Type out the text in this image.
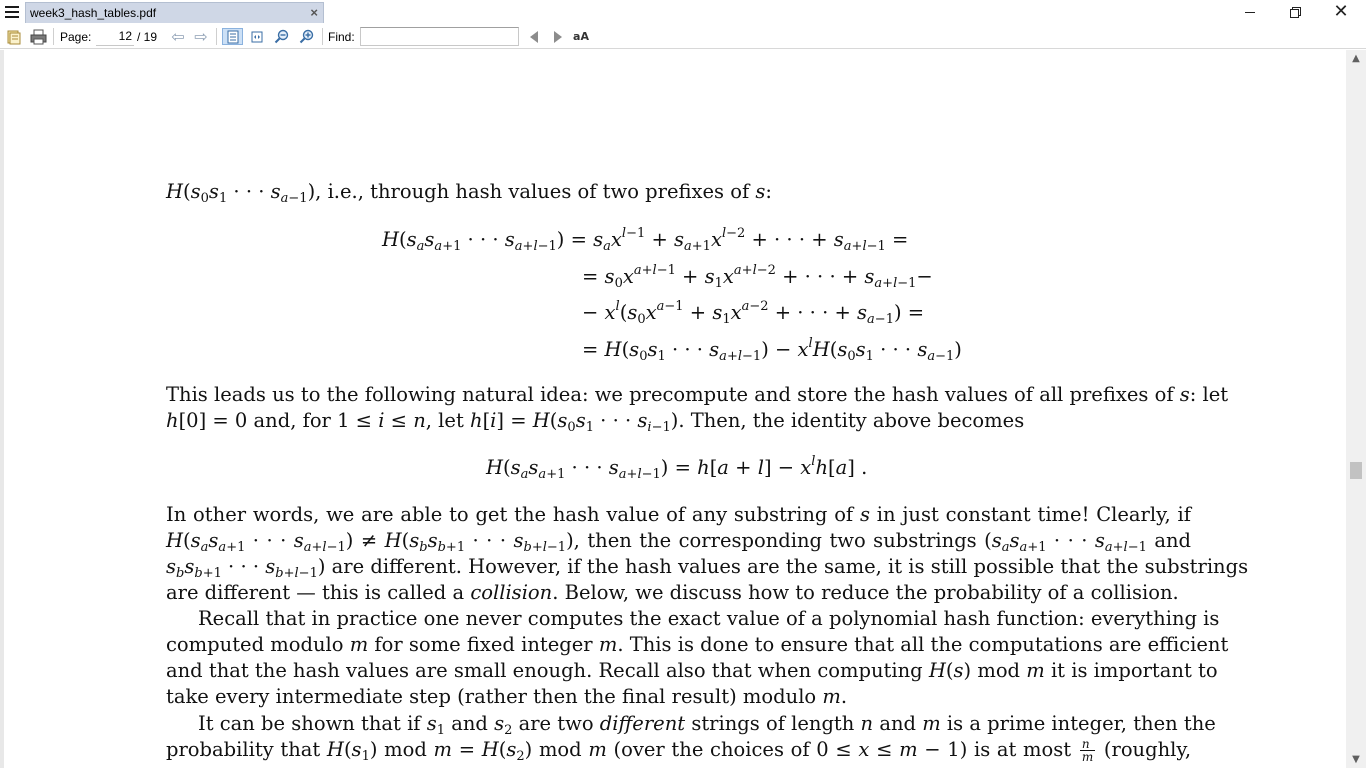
week3_hash_tables.pdf	×	✕
Page:
12	/ 19 ⇦ ⇨	Find:	aA
$H(s_0s_1$ · · · $s_{a-1}$), i.e., through hash values of two prefixes of s:
$H(s_as_{a+1}$ · · · $s_{a+l-1}) = s_ax^{l-1} + s_{a+1}x^{l-2}$ + · · · + $s_{a+l-1}$ =
= $s_0x^{a+l-1} + s_1x^{a+l-2}$ + · · · + $s_{a+l-1}-$
− $x^l(s_0x^{a-1} + s_1x^{a-2}$ + · · · + $s_{a-1}$) =
= $H(s_0s_1$ · · · $s_{a+l-1}) - x^lH(s_0s_1$ · · · $s_{a-1}$)
This leads us to the following natural idea: we precompute and store the hash values of all prefixes of s: let
h[0] = 0 and, for 1 ≤ i ≤ n, let $h[i] = H(s_0s_1$ · · · $s_{i-1}$). Then, the identity above becomes
$H(s_as_{a+1}$ · · · $s_{a+l-1}) = h[a + l] - x^lh[a]$ .
In other words, we are able to get the hash value of any substring of s in just constant time! Clearly, if
$H(s_as_{a+1}$ · · · $s_{a+l-1}) \ne H(s_bs_{b+1}$ · · · $s_{b+l-1}$), then the corresponding two substrings ($s_as_{a+1}$ · · · $s_{a+l-1}$ and
$s_bs_{b+1}$ · · · $s_{b+l-1}$) are different. However, if the hash values are the same, it is still possible that the substrings
are different — this is called a collision. Below, we discuss how to reduce the probability of a collision.
Recall that in practice one never computes the exact value of a polynomial hash function: everything is
computed modulo m for some fixed integer m. This is done to ensure that all the computations are efficient
and that the hash values are small enough. Recall also that when computing H(s) mod m it is important to
take every intermediate step (rather then the final result) modulo m.
It can be shown that if $s_1$ and $s_2$ are two different strings of length n and m is a prime integer, then the
probability that $H(s_1)$ mod $m = H(s_2)$ mod m (over the choices of 0 ≤ x ≤ m − 1) is at most $\frac{n}{m}$ (roughly,
▲
▼
